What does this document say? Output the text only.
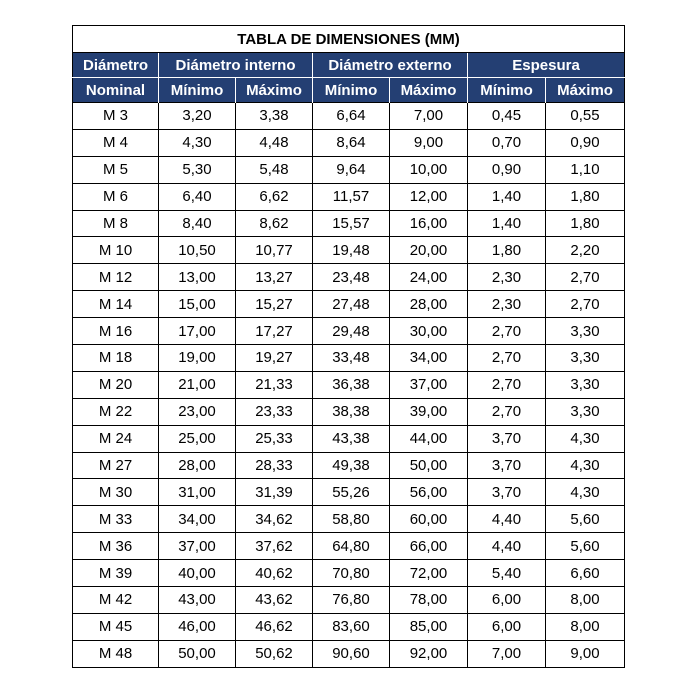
TABLA DE DIMENSIONES (MM)						
Diámetro	Diámetro interno		Diámetro externo		Espesura	
Nominal	Mínimo	Máximo	Mínimo	Máximo	Mínimo	Máximo
M 3	3,20	3,38	6,64	7,00	0,45	0,55
M 4	4,30	4,48	8,64	9,00	0,70	0,90
M 5	5,30	5,48	9,64	10,00	0,90	1,10
M 6	6,40	6,62	11,57	12,00	1,40	1,80
M 8	8,40	8,62	15,57	16,00	1,40	1,80
M 10	10,50	10,77	19,48	20,00	1,80	2,20
M 12	13,00	13,27	23,48	24,00	2,30	2,70
M 14	15,00	15,27	27,48	28,00	2,30	2,70
M 16	17,00	17,27	29,48	30,00	2,70	3,30
M 18	19,00	19,27	33,48	34,00	2,70	3,30
M 20	21,00	21,33	36,38	37,00	2,70	3,30
M 22	23,00	23,33	38,38	39,00	2,70	3,30
M 24	25,00	25,33	43,38	44,00	3,70	4,30
M 27	28,00	28,33	49,38	50,00	3,70	4,30
M 30	31,00	31,39	55,26	56,00	3,70	4,30
M 33	34,00	34,62	58,80	60,00	4,40	5,60
M 36	37,00	37,62	64,80	66,00	4,40	5,60
M 39	40,00	40,62	70,80	72,00	5,40	6,60
M 42	43,00	43,62	76,80	78,00	6,00	8,00
M 45	46,00	46,62	83,60	85,00	6,00	8,00
M 48	50,00	50,62	90,60	92,00	7,00	9,00
